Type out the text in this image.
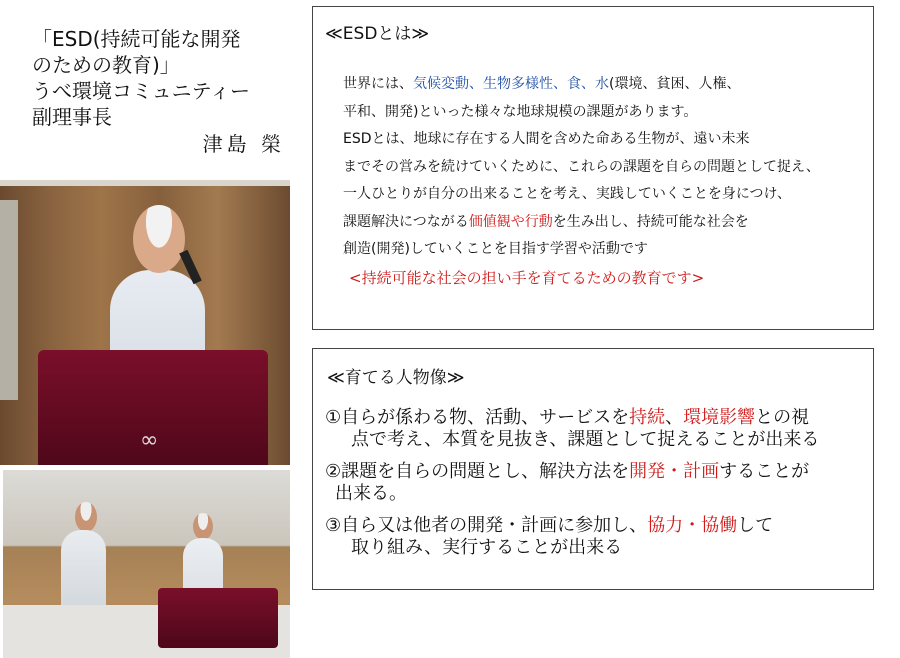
「ESD(持続可能な開発
のための教育)」
うべ環境コミュニティー
副理事長
津島 榮
∞
≪ESDとは≫
世界には、気候変動、生物多様性、食、水(環境、貧困、人権、
平和、開発)といった様々な地球規模の課題があります。
ESDとは、地球に存在する人間を含めた命ある生物が、遠い未来
までその営みを続けていくために、これらの課題を自らの問題として捉え、
一人ひとりが自分の出来ることを考え、実践していくことを身につけ、
課題解決につながる価値観や行動を生み出し、持続可能な社会を
創造(開発)していくことを目指す学習や活動です
<持続可能な社会の担い手を育てるための教育です>
≪育てる人物像≫
①自らが係わる物、活動、サービスを持続、環境影響との視
点で考え、本質を見抜き、課題として捉えることが出来る
②課題を自らの問題とし、解決方法を開発・計画することが
出来る。
③自ら又は他者の開発・計画に参加し、協力・協働して
取り組み、実行することが出来る
